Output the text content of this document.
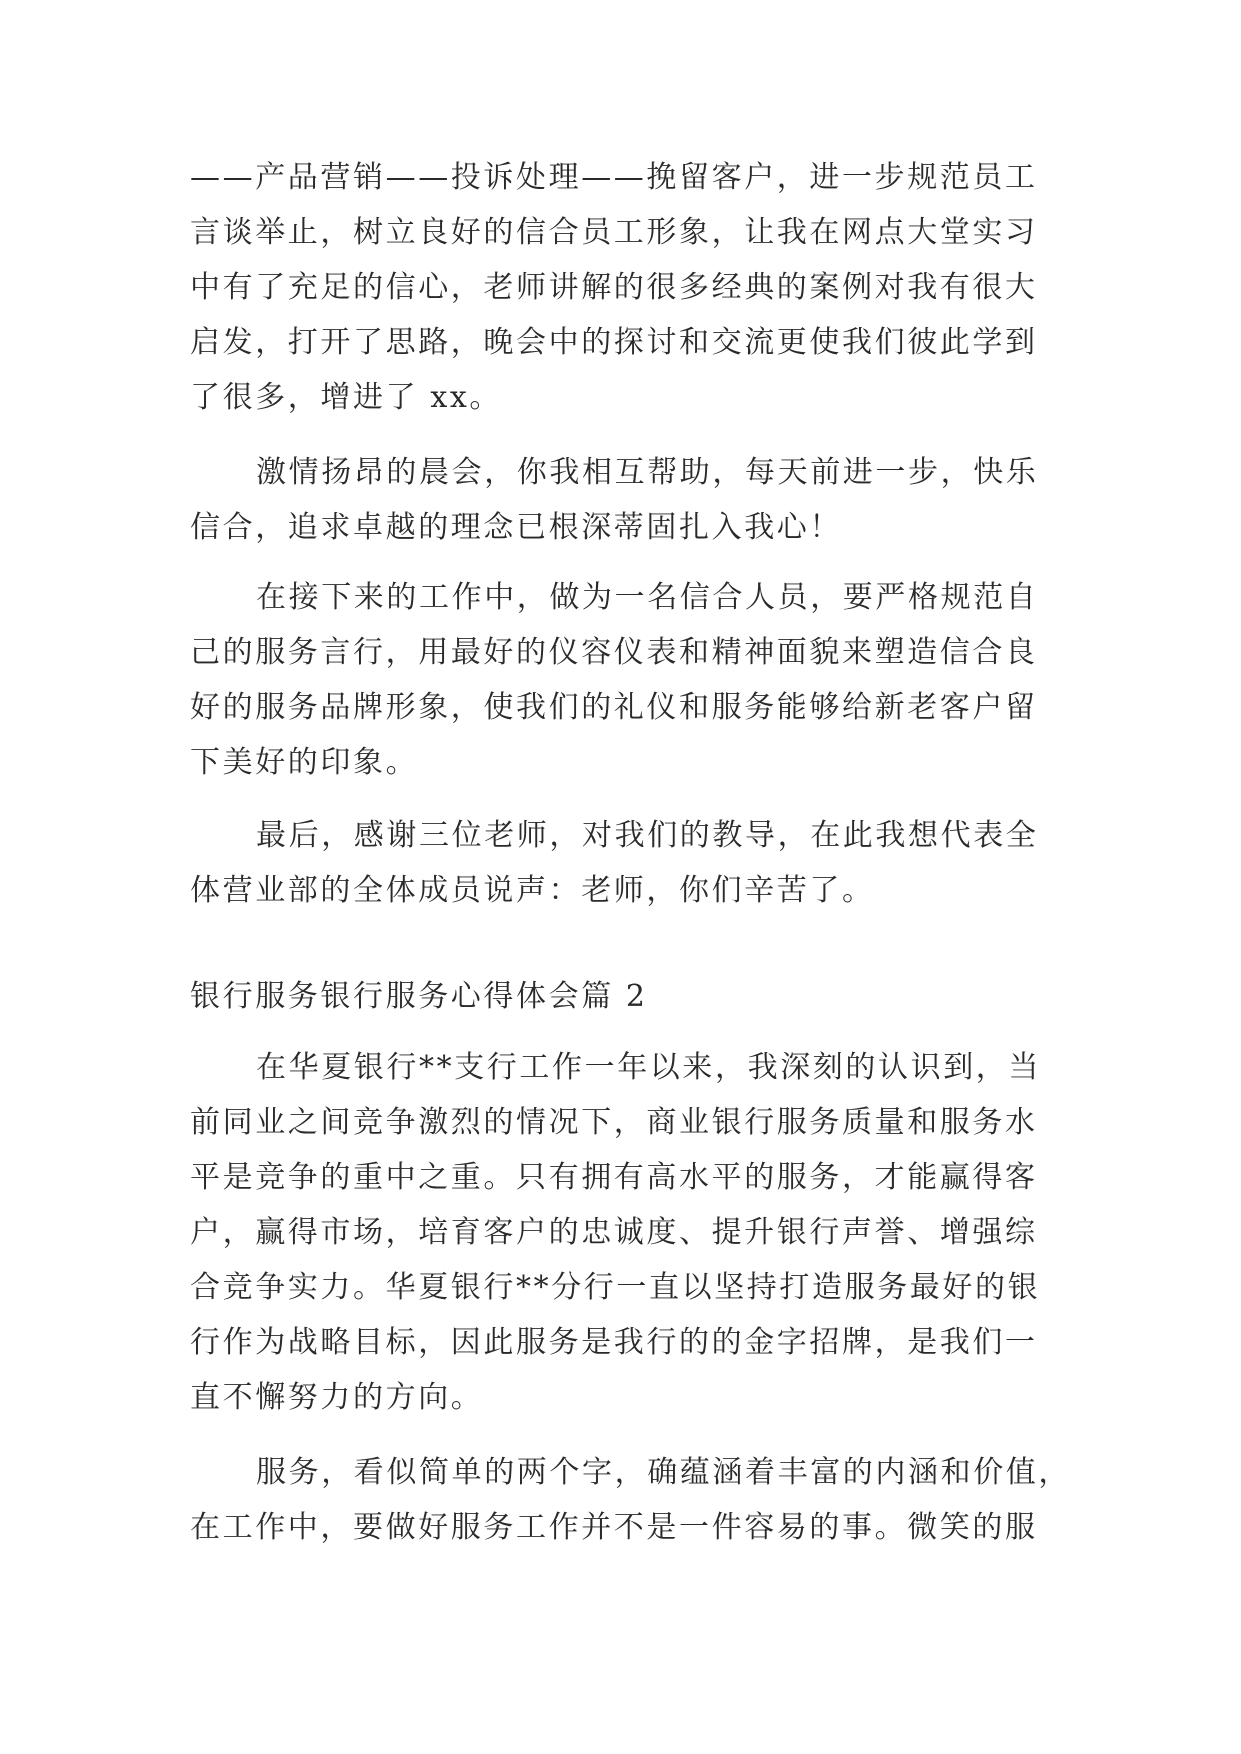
——产品营销——投诉处理——挽留客户，进一步规范员工
言谈举止，树立良好的信合员工形象，让我在网点大堂实习
中有了充足的信心，老师讲解的很多经典的案例对我有很大
启发，打开了思路，晚会中的探讨和交流更使我们彼此学到
了很多，增进了 xx。

激情扬昂的晨会，你我相互帮助，每天前进一步，快乐
信合，追求卓越的理念已根深蒂固扎入我心！

在接下来的工作中，做为一名信合人员，要严格规范自
己的服务言行，用最好的仪容仪表和精神面貌来塑造信合良
好的服务品牌形象，使我们的礼仪和服务能够给新老客户留
下美好的印象。

最后，感谢三位老师，对我们的教导，在此我想代表全
体营业部的全体成员说声：老师，你们辛苦了。

银行服务银行服务心得体会篇 2

在华夏银行**支行工作一年以来，我深刻的认识到，当
前同业之间竞争激烈的情况下，商业银行服务质量和服务水
平是竞争的重中之重。只有拥有高水平的服务，才能赢得客
户，赢得市场，培育客户的忠诚度、提升银行声誉、增强综
合竞争实力。华夏银行**分行一直以坚持打造服务最好的银
行作为战略目标，因此服务是我行的的金字招牌，是我们一
直不懈努力的方向。

服务，看似简单的两个字，确蕴涵着丰富的内涵和价值，
在工作中，要做好服务工作并不是一件容易的事。微笑的服
